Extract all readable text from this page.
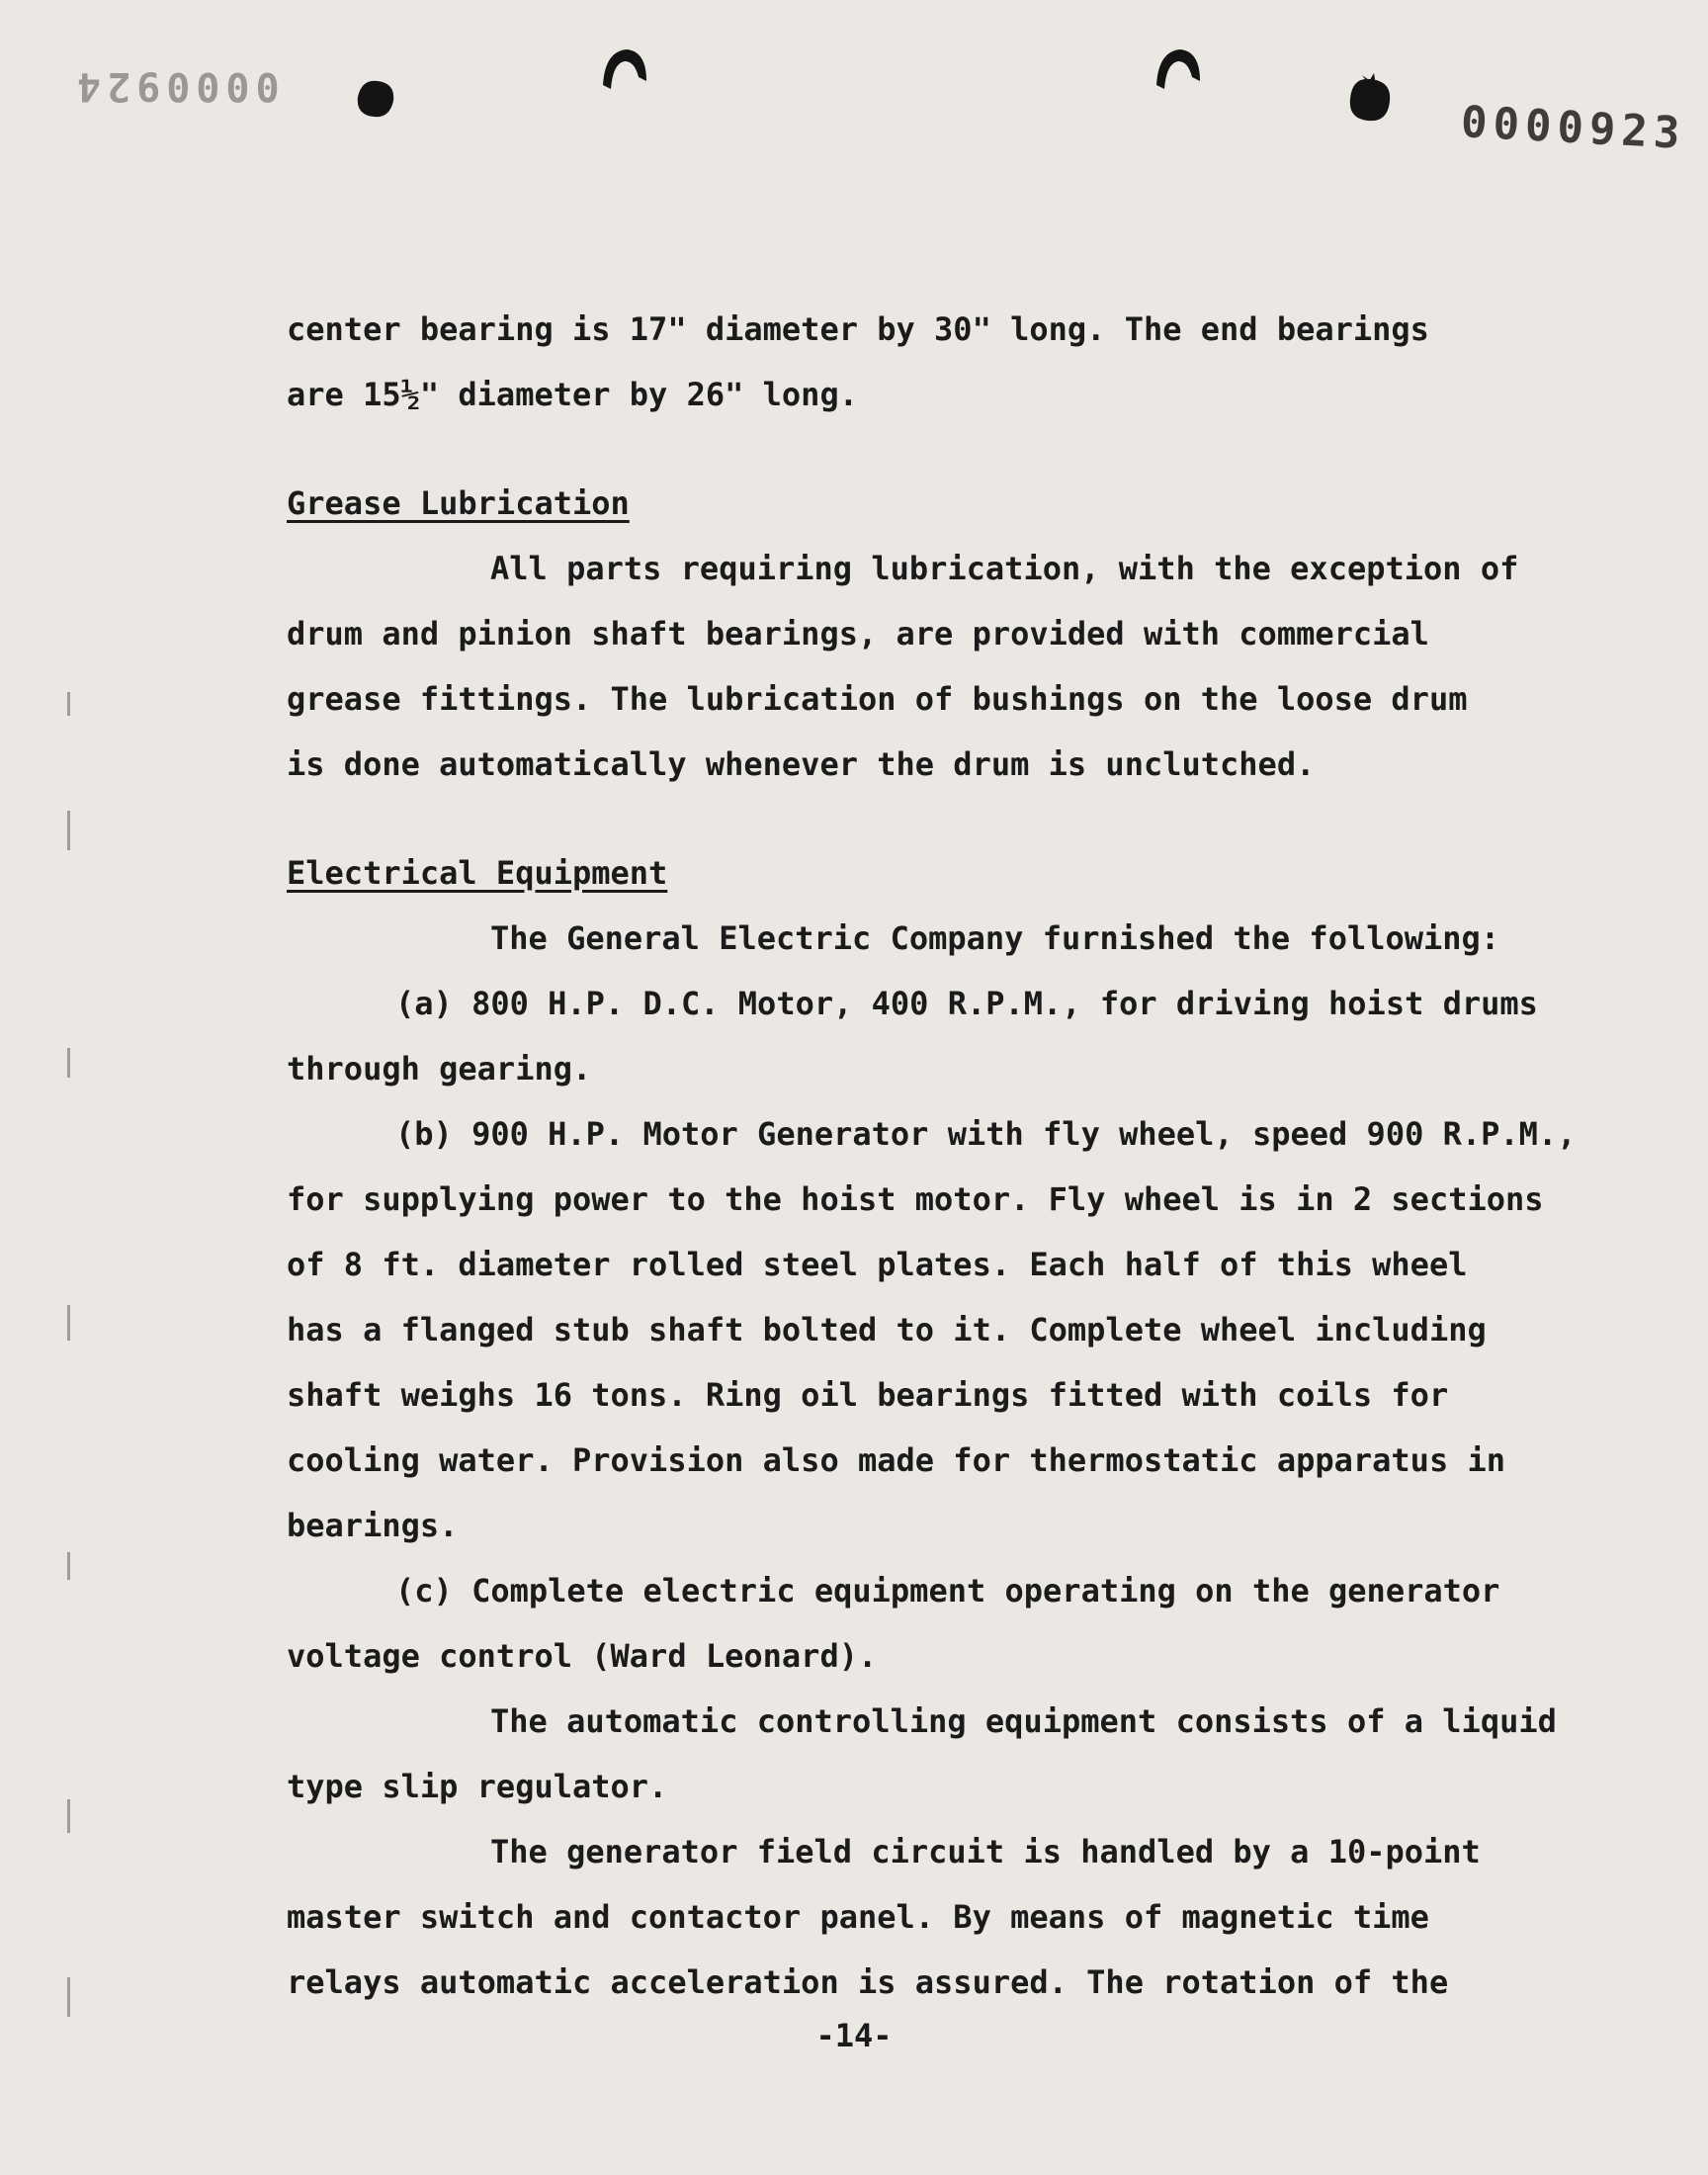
0000924
0000923
center bearing is 17" diameter by 30" long. The end bearings
are 15½" diameter by 26" long.
Grease Lubrication
All parts requiring lubrication, with the exception of
drum and pinion shaft bearings, are provided with commercial
grease fittings. The lubrication of bushings on the loose drum
is done automatically whenever the drum is unclutched.
Electrical Equipment
The General Electric Company furnished the following:
(a) 800 H.P. D.C. Motor, 400 R.P.M., for driving hoist drums
through gearing.
(b) 900 H.P. Motor Generator with fly wheel, speed 900 R.P.M.,
for supplying power to the hoist motor. Fly wheel is in 2 sections
of 8 ft. diameter rolled steel plates. Each half of this wheel
has a flanged stub shaft bolted to it. Complete wheel including
shaft weighs 16 tons. Ring oil bearings fitted with coils for
cooling water. Provision also made for thermostatic apparatus in
bearings.
(c) Complete electric equipment operating on the generator
voltage control (Ward Leonard).
The automatic controlling equipment consists of a liquid
type slip regulator.
The generator field circuit is handled by a 10-point
master switch and contactor panel. By means of magnetic time
relays automatic acceleration is assured. The rotation of the
-14-
